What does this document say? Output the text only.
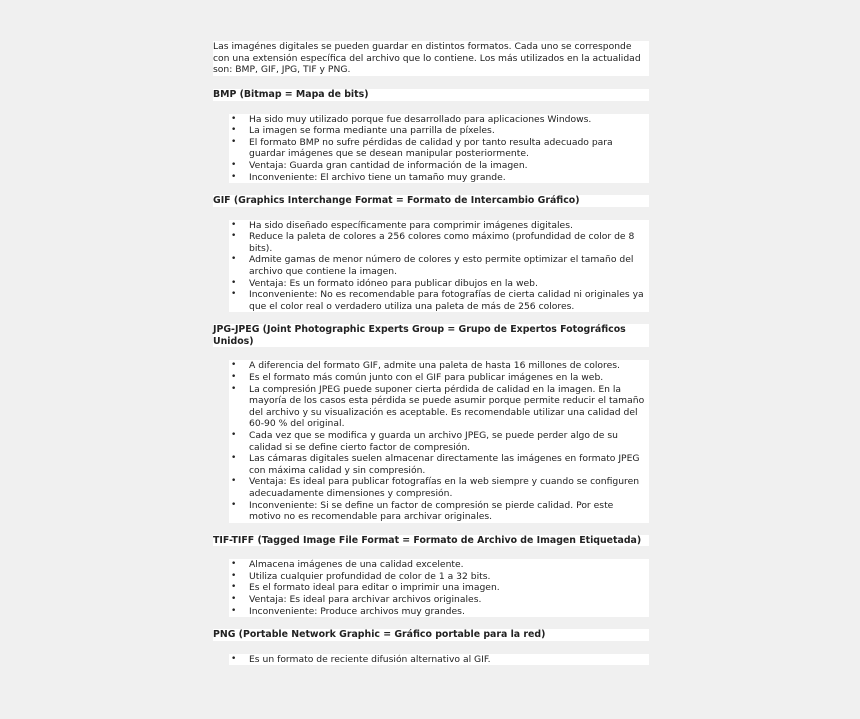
Las imagénes digitales se pueden guardar en distintos formatos. Cada uno se corresponde con una extensión específica del archivo que lo contiene. Los más utilizados en la actualidad son: BMP, GIF, JPG, TIF y PNG.

BMP (Bitmap = Mapa de bits)
• Ha sido muy utilizado porque fue desarrollado para aplicaciones Windows.
• La imagen se forma mediante una parrilla de píxeles.
• El formato BMP no sufre pérdidas de calidad y por tanto resulta adecuado para guardar imágenes que se desean manipular posteriormente.
• Ventaja: Guarda gran cantidad de información de la imagen.
• Inconveniente: El archivo tiene un tamaño muy grande.
GIF (Graphics Interchange Format = Formato de Intercambio Gráfico)
• Ha sido diseñado específicamente para comprimir imágenes digitales.
• Reduce la paleta de colores a 256 colores como máximo (profundidad de color de 8 bits).
• Admite gamas de menor número de colores y esto permite optimizar el tamaño del archivo que contiene la imagen.
• Ventaja: Es un formato idóneo para publicar dibujos en la web.
• Inconveniente: No es recomendable para fotografías de cierta calidad ni originales ya que el color real o verdadero utiliza una paleta de más de 256 colores.
JPG-JPEG (Joint Photographic Experts Group = Grupo de Expertos Fotográficos Unidos)
• A diferencia del formato GIF, admite una paleta de hasta 16 millones de colores.
• Es el formato más común junto con el GIF para publicar imágenes en la web.
• La compresión JPEG puede suponer cierta pérdida de calidad en la imagen. En la mayoría de los casos esta pérdida se puede asumir porque permite reducir el tamaño del archivo y su visualización es aceptable. Es recomendable utilizar una calidad del 60-90 % del original.
• Cada vez que se modifica y guarda un archivo JPEG, se puede perder algo de su calidad si se define cierto factor de compresión.
• Las cámaras digitales suelen almacenar directamente las imágenes en formato JPEG con máxima calidad y sin compresión.
• Ventaja: Es ideal para publicar fotografías en la web siempre y cuando se configuren adecuadamente dimensiones y compresión.
• Inconveniente: Si se define un factor de compresión se pierde calidad. Por este motivo no es recomendable para archivar originales.
TIF-TIFF (Tagged Image File Format = Formato de Archivo de Imagen Etiquetada)
• Almacena imágenes de una calidad excelente.
• Utiliza cualquier profundidad de color de 1 a 32 bits.
• Es el formato ideal para editar o imprimir una imagen.
• Ventaja: Es ideal para archivar archivos originales.
• Inconveniente: Produce archivos muy grandes.
PNG (Portable Network Graphic = Gráfico portable para la red)
• Es un formato de reciente difusión alternativo al GIF.
